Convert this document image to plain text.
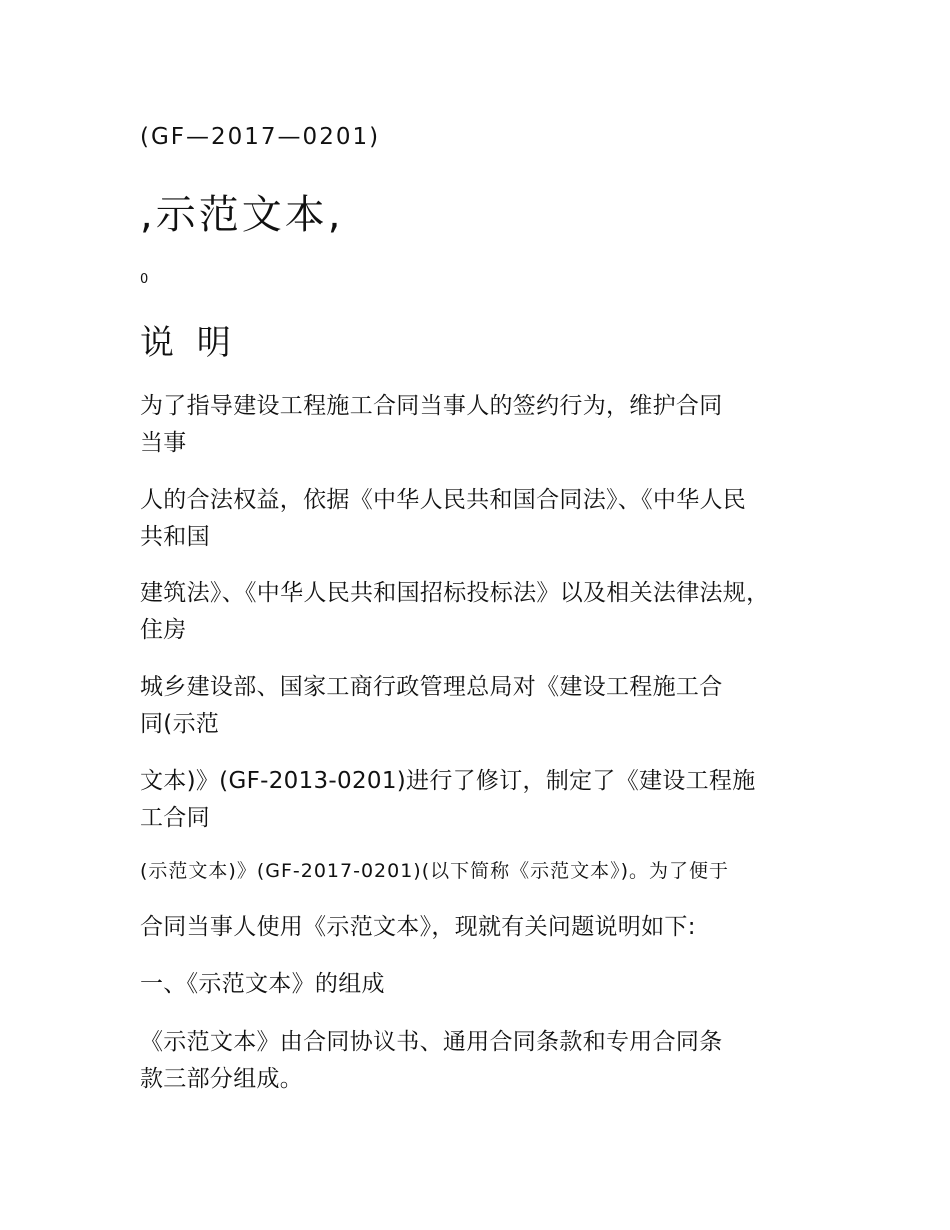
(GF—2017—0201)

,示范文本,

0

说 明

为了指导建设工程施工合同当事人的签约行为，维护合同
当事

人的合法权益，依据《中华人民共和国合同法》、《中华人民
共和国

建筑法》、《中华人民共和国招标投标法》以及相关法律法规，
住房

城乡建设部、国家工商行政管理总局对《建设工程施工合
同(示范

文本)》(GF-2013-0201)进行了修订，制定了《建设工程施
工合同

(示范文本)》(GF-2017-0201)(以下简称《示范文本》)。为了便于

合同当事人使用《示范文本》，现就有关问题说明如下:

一、《示范文本》的组成

《示范文本》由合同协议书、通用合同条款和专用合同条
款三部分组成。
